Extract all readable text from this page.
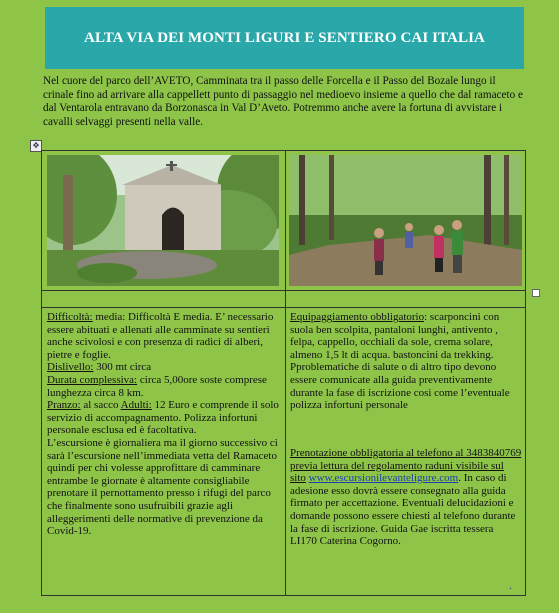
ALTA VIA DEI MONTI LIGURI E SENTIERO CAI ITALIA
Nel cuore del parco dell’AVETO, Camminata tra il passo delle Forcella e il Passo del Bozale lungo il crinale fino ad arrivare alla cappellett punto di passaggio nel medioevo insieme a quello che dal ramaceto e dal Ventarola entravano da Borzonasca in Val D’Aveto. Potremmo anche avere la fortuna di avvistare i cavalli selvaggi presenti nella valle.
✥
Difficoltà: media: Difficoltà E media. E’ necessario essere abituati e allenati alle camminate su sentieri anche scivolosi e con presenza di radici di alberi, pietre e foglie.
Dislivello: 300 mt circa
Durata complessiva: circa 5,00ore soste comprese lunghezza circa 8 km.
Pranzo: al sacco Adulti: 12 Euro e comprende il solo servizio di accompagnamento. Polizza infortuni personale esclusa ed è facoltativa.
L’escursione è giornaliera ma il giorno successivo ci sarà l’escursione nell’immediata vetta del Ramaceto quindi per chi volesse approfittare di camminare entrambe le giornate è altamente consigliabile prenotare il pernottamento presso i rifugi del parco che finalmente sono usufruibili grazie agli alleggerimenti delle normative di prevenzione da Covid-19.
Equipaggiamento obbligatorio: scarponcini con suola ben scolpita, pantaloni lunghi, antivento , felpa, cappello, occhiali da sole, crema solare, almeno 1,5 lt di acqua. bastoncini da trekking.
Pproblematiche di salute o di altro tipo devono essere comunicate alla guida preventivamente durante la fase di iscrizione così come l’eventuale polizza infortuni personale
Prenotazione obbligatoria al telefono al 3483840769 previa lettura del regolamento raduni visibile sul sito www.escursionilevanteligure.com. In caso di adesione esso dovrà essere consegnato alla guida firmato per accettazione. Eventuali delucidazioni e domande possono essere chiesti al telefono durante la fase di iscrizione. Guida Gae iscritta tessera LI170 Caterina Cogorno.
.
